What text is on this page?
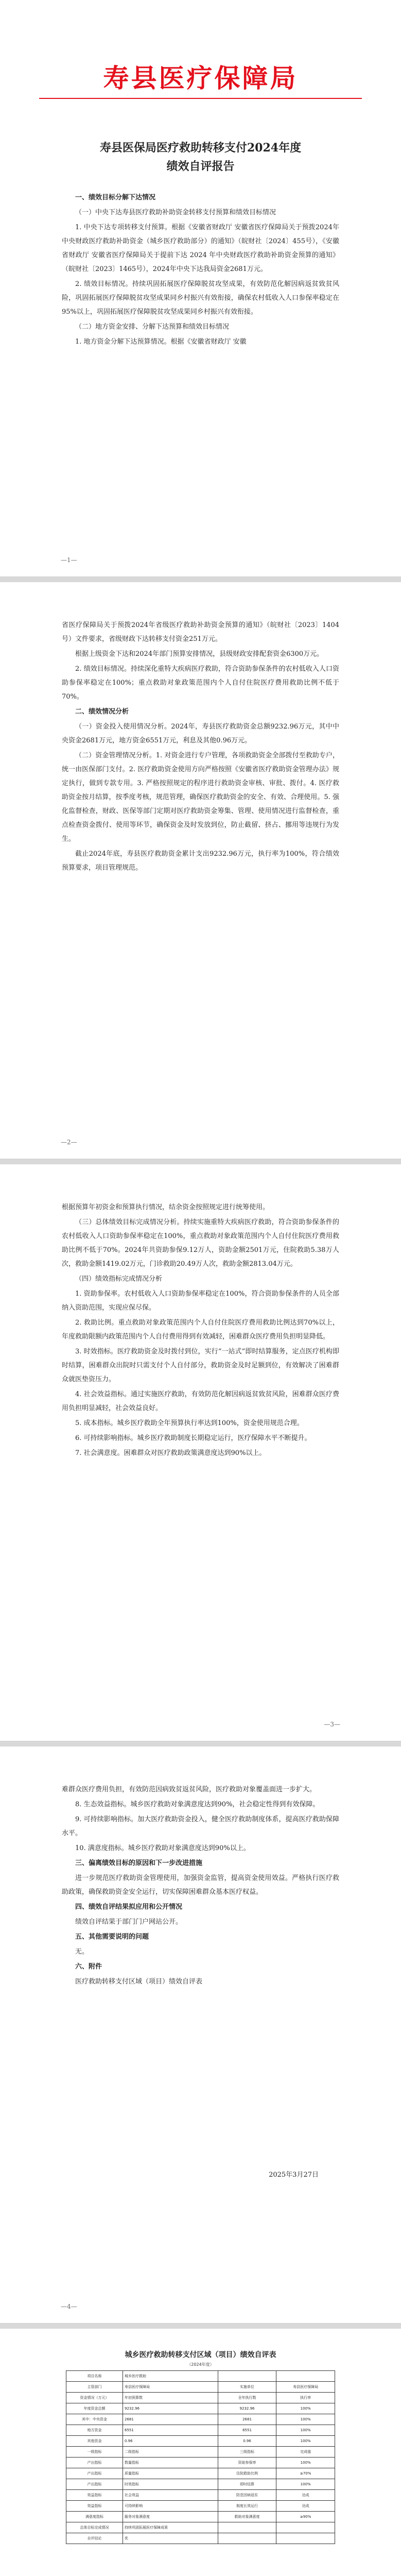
寿县医疗保障局
寿县医保局医疗救助转移支付2024年度
绩效自评报告
一、绩效目标分解下达情况
（一）中央下达寿县医疗救助补助资金转移支付预算和绩效目标情况
1. 中央下达专项转移支付预算。根据《安徽省财政厅 安徽省医疗保障局关于预拨2024年中央财政医疗救助补助资金（城乡医疗救助部分）的通知》（皖财社〔2024〕455号），《安徽省财政厅 安徽省医疗保障局关于提前下达 2024 年中央财政医疗救助补助资金预算的通知》（皖财社〔2023〕1465号），2024年中央下达我局资金2681万元。
2. 绩效目标情况。持续巩固拓展医疗保障脱贫攻坚成果，有效防范化解因病返贫致贫风险，巩固拓展医疗保障脱贫攻坚成果同乡村振兴有效衔接，确保农村低收入人口参保率稳定在 95%以上，巩固拓展医疗保障脱贫攻坚成果同乡村振兴有效衔接。
（二）地方资金安排、分解下达预算和绩效目标情况
1. 地方资金分解下达预算情况。根据《安徽省财政厅 安徽
—1—
省医疗保障局关于预拨2024年省级医疗救助补助资金预算的通知》（皖财社〔2023〕1404号）文件要求，省级财政下达转移支付资金251万元。
根据上级资金下达和2024年部门预算安排情况，县级财政安排配套资金6300万元。
2. 绩效目标情况。持续深化重特大疾病医疗救助，符合资助参保条件的农村低收入人口资助参保率稳定在100%；重点救助对象政策范围内个人自付住院医疗费用救助比例不低于70%。
二、绩效情况分析
（一）资金投入使用情况分析。2024年，寿县医疗救助资金总额9232.96万元，其中中央资金2681万元，地方资金6551万元，利息及其他0.96万元。
（二）资金管理情况分析。1. 对资金进行专户管理，各项救助资金全部拨付至救助专户，统一由医保部门支付。2. 医疗救助资金使用方向严格按照《安徽省医疗救助资金管理办法》规定执行，做到专款专用。3. 严格按照规定的程序进行救助资金审核、审批、拨付。4. 医疗救助资金按月结算，按季度考核，规范管理，确保医疗救助资金的安全、有效、合理使用。5. 强化监督检查，财政、医保等部门定期对医疗救助资金筹集、管理、使用情况进行监督检查，重点检查资金拨付、使用等环节，确保资金及时发放到位，防止截留、挤占、挪用等违规行为发生。
截止2024年底，寿县医疗救助资金累计支出9232.96万元，执行率为100%，符合绩效预算要求，项目管理规范。
—2—
根据预算年初资金和预算执行情况，结余资金按照规定进行统筹使用。
（三）总体绩效目标完成情况分析。持续实施重特大疾病医疗救助，符合资助参保条件的农村低收入人口资助参保率稳定在100%，重点救助对象政策范围内个人自付住院医疗费用救助比例不低于70%。2024年共资助参保9.12万人，资助金额2501万元，住院救助5.38万人次，救助金额1419.02万元，门诊救助20.49万人次，救助金额2813.04万元。
（四）绩效指标完成情况分析
1. 资助参保率。农村低收入人口资助参保率稳定在100%，符合资助参保条件的人员全部纳入资助范围，实现应保尽保。
2. 救助比例。重点救助对象政策范围内个人自付住院医疗费用救助比例达到70%以上，年度救助限额内政策范围内个人自付费用得到有效减轻，困难群众医疗费用负担明显降低。
3. 时效指标。医疗救助资金及时拨付到位，实行“一站式”即时结算服务，定点医疗机构即时结算，困难群众出院时只需支付个人自付部分，救助资金及时足额到位，有效解决了困难群众就医垫资压力。
4. 社会效益指标。通过实施医疗救助，有效防范化解因病返贫致贫风险，困难群众医疗费用负担明显减轻，社会效益良好。
5. 成本指标。城乡医疗救助全年预算执行率达到100%，资金使用规范合理。
6. 可持续影响指标。城乡医疗救助制度长期稳定运行，医疗保障水平不断提升。
7. 社会满意度。困难群众对医疗救助政策满意度达到90%以上。
—3—
难群众医疗费用负担，有效防范因病致贫返贫风险，医疗救助对象覆盖面进一步扩大。
8. 生态效益指标。城乡医疗救助对象满意度达到90%，社会稳定性得到有效保障。
9. 可持续影响指标。加大医疗救助资金投入，健全医疗救助制度体系，提高医疗救助保障水平。
10. 满意度指标。城乡医疗救助对象满意度达到90%以上。
三、偏离绩效目标的原因和下一步改进措施
进一步规范医疗救助资金管理使用，加强资金监管，提高资金使用效益。严格执行医疗救助政策，确保救助资金安全运行，切实保障困难群众基本医疗权益。
四、绩效自评结果拟应用和公开情况
绩效自评结果于部门门户网站公开。
五、其他需要说明的问题
无。
六、附件
医疗救助转移支付区域（项目）绩效自评表
2025年3月27日
—4—
城乡医疗救助转移支付区域（项目）绩效自评表
（2024年度）
项目名称	城乡医疗救助		
主管部门	寿县医疗保障局	实施单位	寿县医疗保障局
资金情况（万元）	年初预算数	全年执行数	执行率
年度资金总额	9232.96	9232.96	100%
其中：中央资金	2681	2681	100%
地方资金	6551	6551	100%
其他资金	0.96	0.96	100%
一级指标	二级指标	三级指标	完成值
产出指标	数量指标	资助参保率	100%
产出指标	质量指标	住院救助比例	≥70%
产出指标	时效指标	即时结算	100%
效益指标	社会效益	防范因病返贫	达成
效益指标	可持续影响	制度长效运行	达成
满意度指标	服务对象满意度	救助对象满意度	≥90%
总体目标完成情况	持续巩固拓展医疗保障成果		
自评结论	优		
